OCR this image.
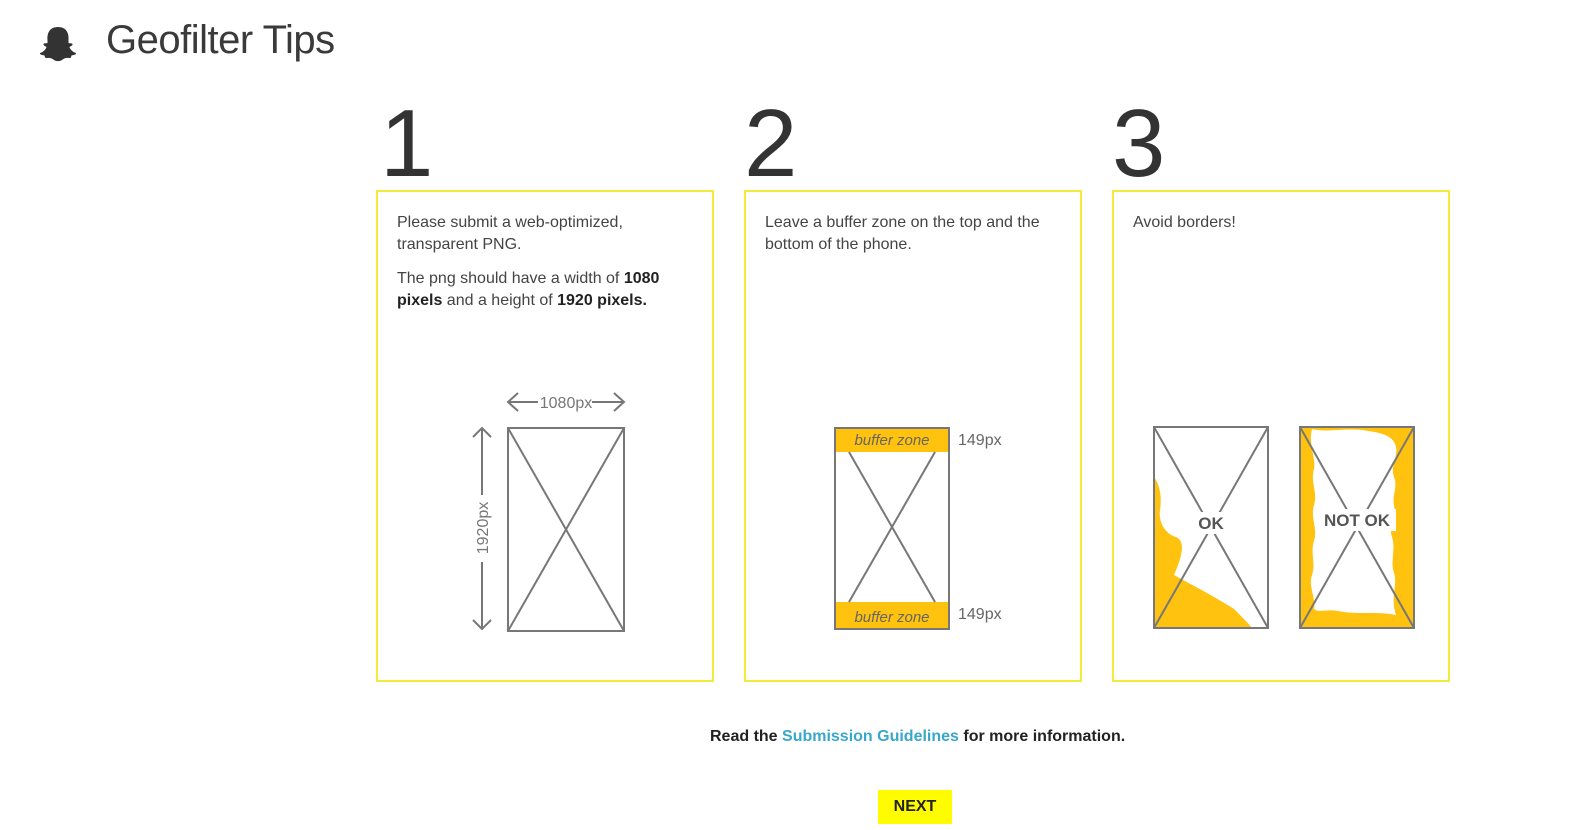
Geofilter Tips
1	2	3

Please submit a web-optimized, transparent PNG.

The png should have a width of 1080 pixels and a height of 1920 pixels.

1080px
1920px

Leave a buffer zone on the top and the bottom of the phone.

buffer zone
buffer zone
149px
149px

Avoid borders!

OK	NOT OK
Read the Submission Guidelines for more information.
NEXT
